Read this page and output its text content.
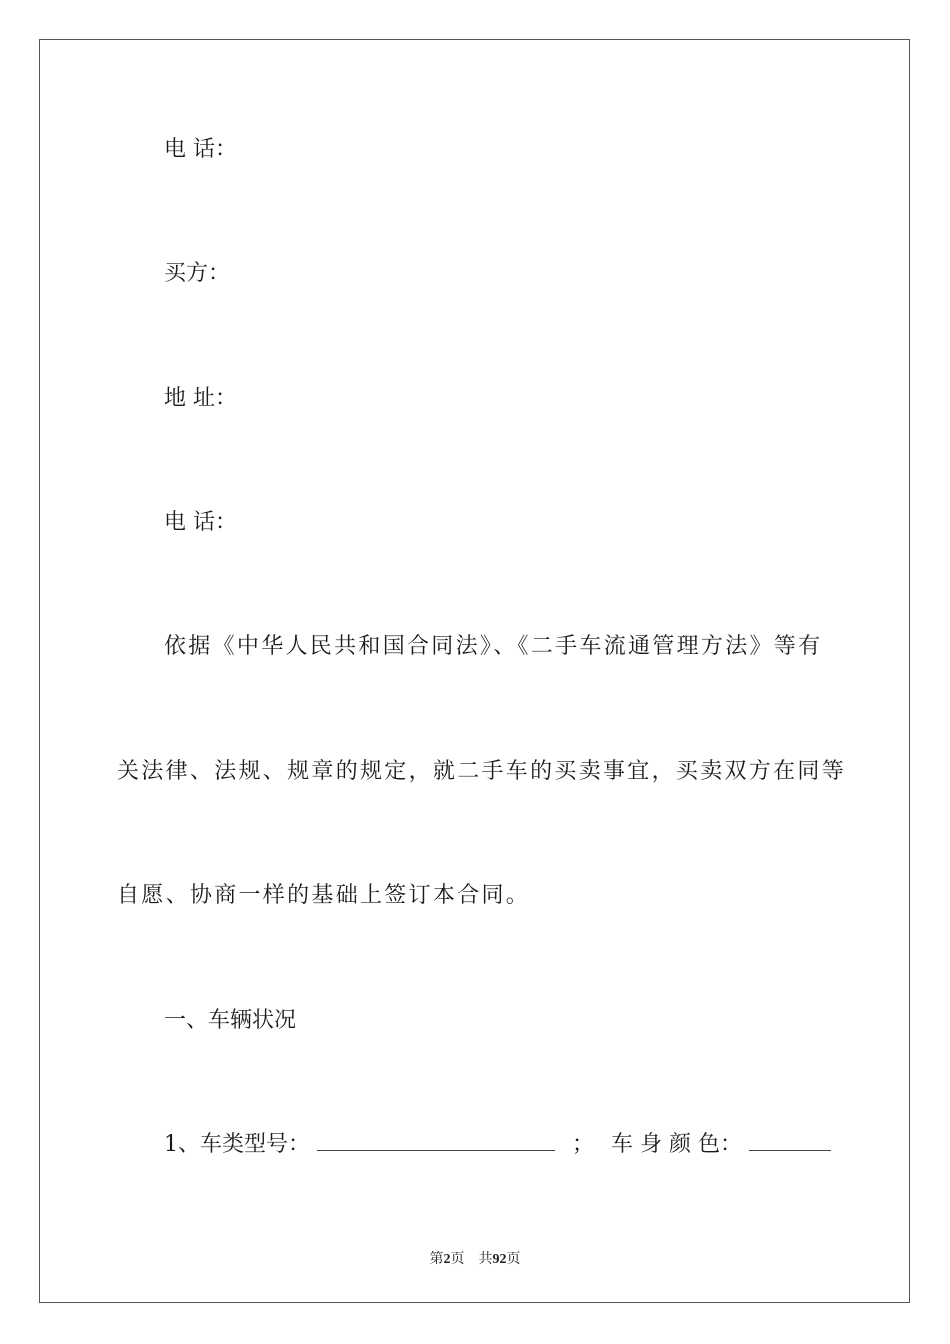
电 话：
买方：
地 址：
电 话：
依据《中华人民共和国合同法》、《二手车流通管理方法》等有
关法律、法规、规章的规定，就二手车的买卖事宜，买卖双方在同等
自愿、协商一样的基础上签订本合同。
一、车辆状况
1、车类型号：	； 车 身 颜 色：
第2页 共92页
